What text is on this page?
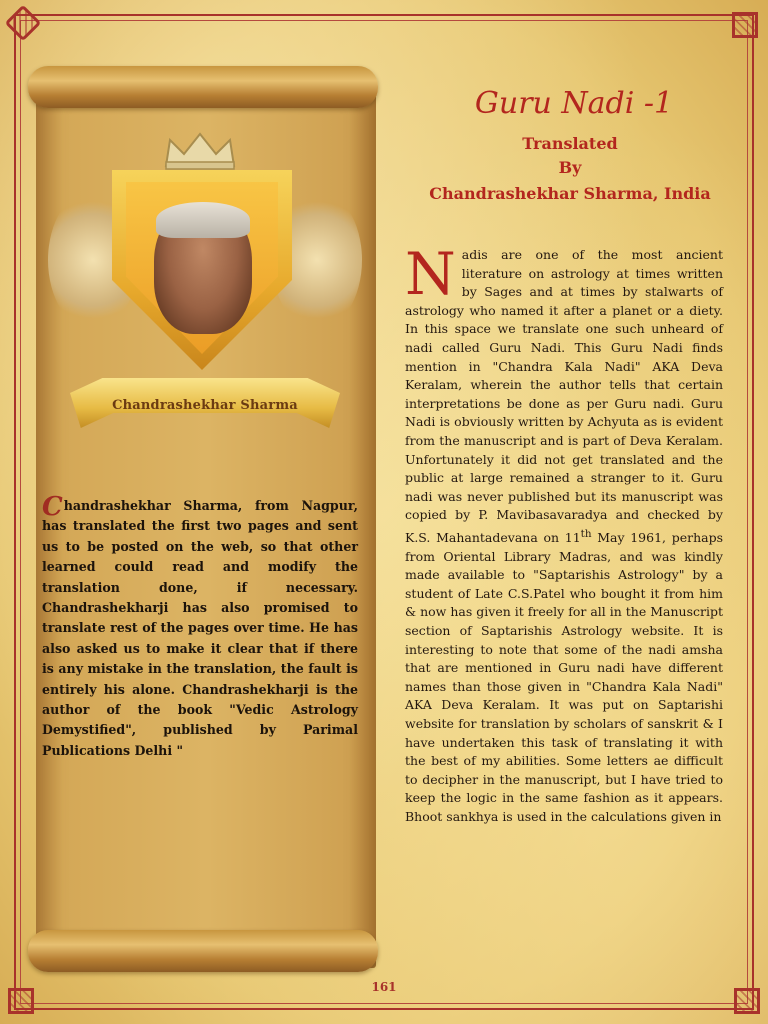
Chandrashekhar Sharma
Chandrashekhar Sharma, from Nagpur, has translated the first two pages and sent us to be posted on the web, so that other learned could read and modify the translation done, if necessary. Chandrashekharji has also promised to translate rest of the pages over time. He has also asked us to make it clear that if there is any mistake in the translation, the fault is entirely his alone. Chandrashekharji is the author of the book "Vedic Astrology Demystified", published by Parimal Publications Delhi "
Guru Nadi -1
Translated
By
Chandrashekhar Sharma, India
Nadis are one of the most ancient literature on astrology at times written by Sages and at times by stalwarts of astrology who named it after a planet or a diety. In this space we translate one such unheard of nadi called Guru Nadi. This Guru Nadi finds mention in "Chandra Kala Nadi" AKA Deva Keralam, wherein the author tells that certain interpretations be done as per Guru nadi. Guru Nadi is obviously written by Achyuta as is evident from the manuscript and is part of Deva Keralam. Unfortunately it did not get translated and the public at large remained a stranger to it. Guru nadi was never published but its manuscript was copied by P. Mavibasavaradya and checked by K.S. Mahantadevana on 11th May 1961, perhaps from Oriental Library Madras, and was kindly made available to "Saptarishis Astrology" by a student of Late C.S.Patel who bought it from him & now has given it freely for all in the Manuscript section of Saptarishis Astrology website. It is interesting to note that some of the nadi amsha that are mentioned in Guru nadi have different names than those given in "Chandra Kala Nadi" AKA Deva Keralam. It was put on Saptarishi website for translation by scholars of sanskrit & I have undertaken this task of translating it with the best of my abilities. Some letters ae difficult to decipher in the manuscript, but I have tried to keep the logic in the same fashion as it appears. Bhoot sankhya is used in the calculations given in
161
